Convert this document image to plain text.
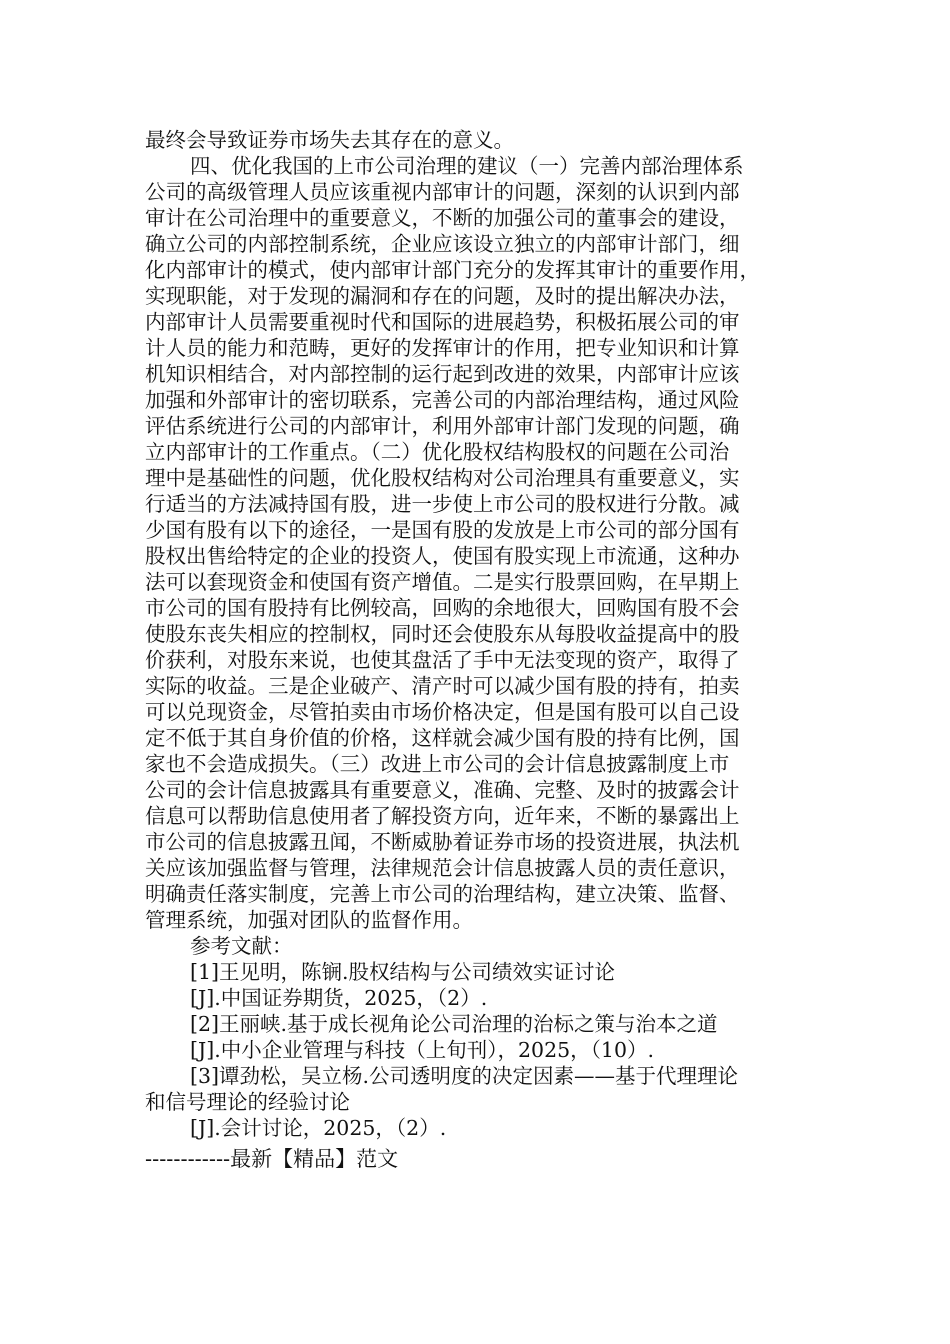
最终会导致证券市场失去其存在的意义。
四、优化我国的上市公司治理的建议（一）完善内部治理体系
公司的高级管理人员应该重视内部审计的问题，深刻的认识到内部
审计在公司治理中的重要意义，不断的加强公司的董事会的建设，
确立公司的内部控制系统，企业应该设立独立的内部审计部门，细
化内部审计的模式，使内部审计部门充分的发挥其审计的重要作用，
实现职能，对于发现的漏洞和存在的问题，及时的提出解决办法，
内部审计人员需要重视时代和国际的进展趋势，积极拓展公司的审
计人员的能力和范畴，更好的发挥审计的作用，把专业知识和计算
机知识相结合，对内部控制的运行起到改进的效果，内部审计应该
加强和外部审计的密切联系，完善公司的内部治理结构，通过风险
评估系统进行公司的内部审计，利用外部审计部门发现的问题，确
立内部审计的工作重点。（二）优化股权结构股权的问题在公司治
理中是基础性的问题，优化股权结构对公司治理具有重要意义，实
行适当的方法减持国有股，进一步使上市公司的股权进行分散。减
少国有股有以下的途径，一是国有股的发放是上市公司的部分国有
股权出售给特定的企业的投资人，使国有股实现上市流通，这种办
法可以套现资金和使国有资产增值。二是实行股票回购，在早期上
市公司的国有股持有比例较高，回购的余地很大，回购国有股不会
使股东丧失相应的控制权，同时还会使股东从每股收益提高中的股
价获利，对股东来说，也使其盘活了手中无法变现的资产，取得了
实际的收益。三是企业破产、清产时可以减少国有股的持有，拍卖
可以兑现资金，尽管拍卖由市场价格决定，但是国有股可以自己设
定不低于其自身价值的价格，这样就会减少国有股的持有比例，国
家也不会造成损失。（三）改进上市公司的会计信息披露制度上市
公司的会计信息披露具有重要意义，准确、完整、及时的披露会计
信息可以帮助信息使用者了解投资方向，近年来，不断的暴露出上
市公司的信息披露丑闻，不断威胁着证券市场的投资进展，执法机
关应该加强监督与管理，法律规范会计信息披露人员的责任意识，
明确责任落实制度，完善上市公司的治理结构，建立决策、监督、
管理系统，加强对团队的监督作用。
参考文献：
[1]王见明，陈锎.股权结构与公司绩效实证讨论
[J].中国证券期货，2025，（2）.
[2]王丽峡.基于成长视角论公司治理的治标之策与治本之道
[J].中小企业管理与科技（上旬刊），2025，（10）.
[3]谭劲松，吴立杨.公司透明度的决定因素——基于代理理论
和信号理论的经验讨论
[J].会计讨论，2025，（2）.
------------最新【精品】范文
